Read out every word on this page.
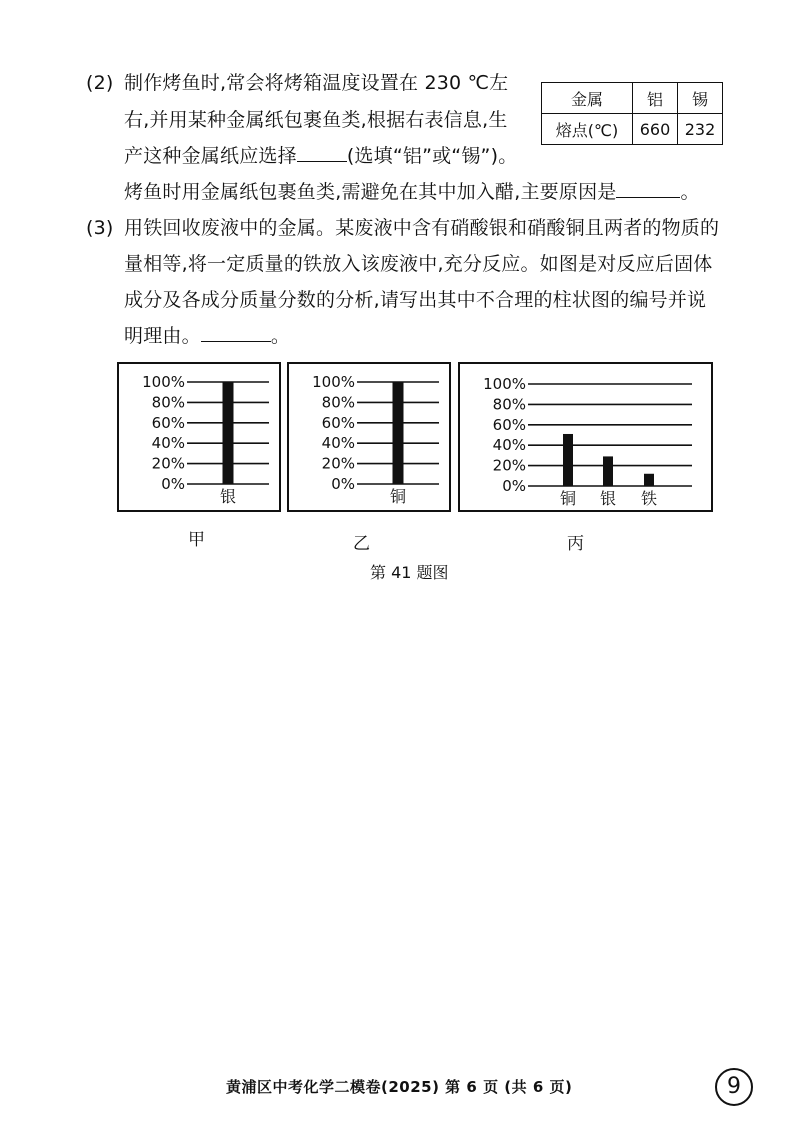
(2) 制作烤鱼时,常会将烤箱温度设置在 230 ℃左
右,并用某种金属纸包裹鱼类,根据右表信息,生
产这种金属纸应选择	(选填“铝”或“锡”)。
烤鱼时用金属纸包裹鱼类,需避免在其中加入醋,主要原因是	。
金属	铝	锡
熔点(℃)	660	232
(3) 用铁回收废液中的金属。某废液中含有硝酸银和硝酸铜且两者的物质的
量相等,将一定质量的铁放入该废液中,充分反应。如图是对反应后固体
成分及各成分质量分数的分析,请写出其中不合理的柱状图的编号并说
明理由。	。
0%
20%
40%
60%
80%
100%
银
0%
20%
40%
60%
80%
100%
铜
0%
20%
40%
60%
80%
100%
铜 银 铁
甲	乙	丙
第 41 题图
黄浦区中考化学二模卷(2025) 第 6 页 (共 6 页)	9
